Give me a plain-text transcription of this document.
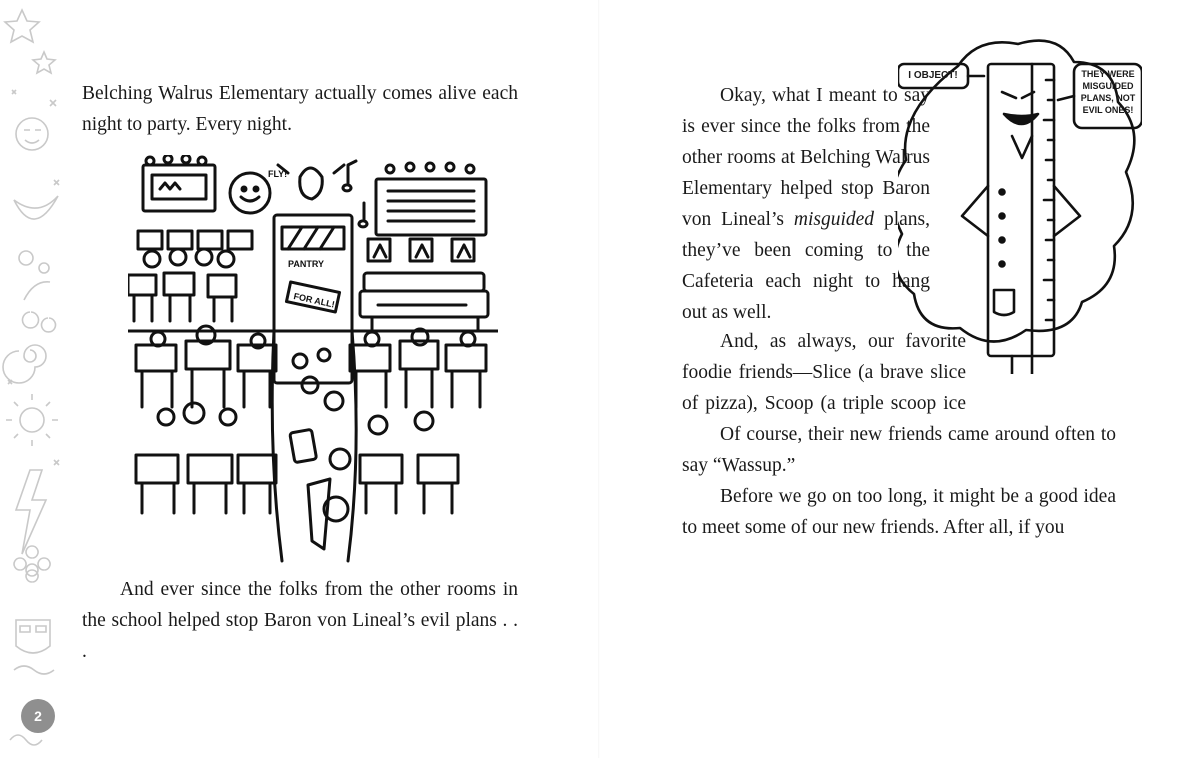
2

Belching Walrus Elementary actually comes alive each night to party. Every night.

PANTRY
FOR ALL!
FLY!

And ever since the folks from the other rooms in the school helped stop Baron von Lineal’s evil plans . . .

Okay, what I meant to say is ever since the folks from the other rooms at Belching Walrus Elementary helped stop Baron von Lineal’s misguided plans, they’ve been coming to the Cafeteria each night to hang out as well.

And, as always, our favorite foodie friends—Slice (a brave slice of pizza), Scoop (a triple scoop ice

Of course, their new friends came around often to say “Wassup.”

Before we go on too long, it might be a good idea to meet some of our new friends. After all, if you

I OBJECT!	THEY WERE MISGUIDED PLANS, NOT EVIL ONES!
